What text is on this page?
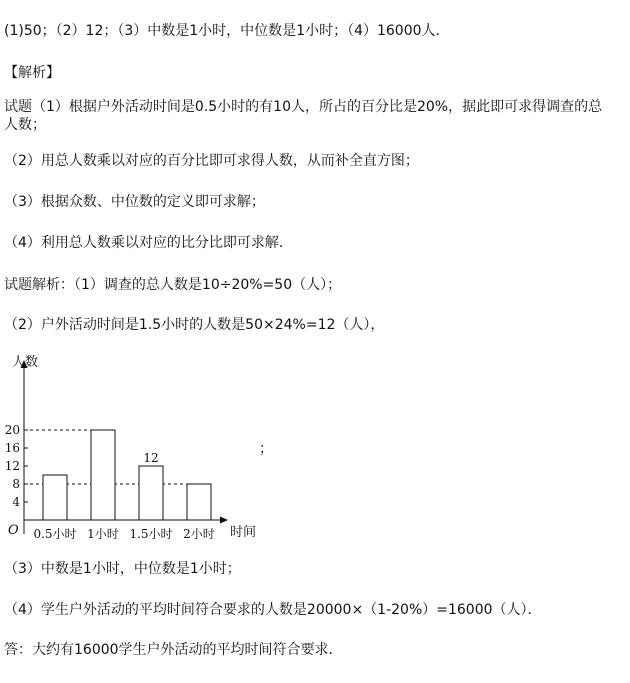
(1)50；（2）12；（3）中数是1小时，中位数是1小时；（4）16000人.
【解析】
试题（1）根据户外活动时间是0.5小时的有10人，所占的百分比是20%，据此即可求得调查的总
人数；
（2）用总人数乘以对应的百分比即可求得人数，从而补全直方图；
（3）根据众数、中位数的定义即可求解；
（4）利用总人数乘以对应的比分比即可求解．
试题解析：（1）调查的总人数是10÷20%=50（人）；
（2）户外活动时间是1.5小时的人数是50×24%=12（人），
人数
时间
O
4
8
12
16
20
0.5小时 1小时 1.5小时 2小时
12
；
（3）中数是1小时，中位数是1小时；
（4）学生户外活动的平均时间符合要求的人数是20000×（1-20%）=16000（人）．
答：大约有16000学生户外活动的平均时间符合要求．
